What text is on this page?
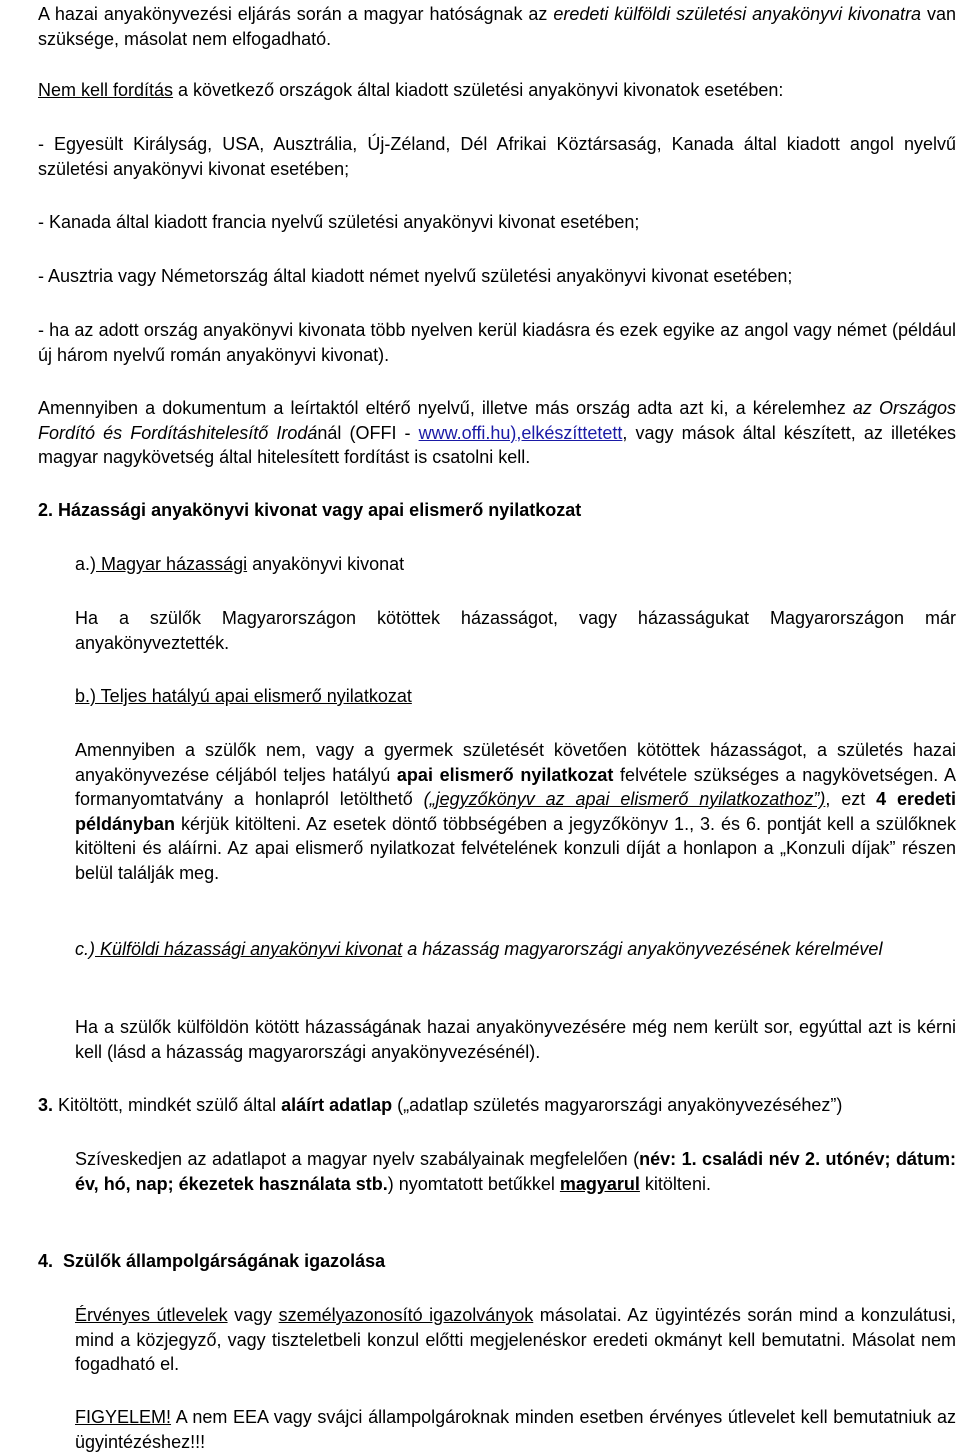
A hazai anyakönyvezési eljárás során a magyar hatóságnak az eredeti külföldi születési anyakönyvi kivonatra van szüksége, másolat nem elfogadható.

Nem kell fordítás a következő országok által kiadott születési anyakönyvi kivonatok esetében:

- Egyesült Királyság, USA, Ausztrália, Új-Zéland, Dél Afrikai Köztársaság, Kanada által kiadott angol nyelvű születési anyakönyvi kivonat esetében;

- Kanada által kiadott francia nyelvű születési anyakönyvi kivonat esetében;

- Ausztria vagy Németország által kiadott német nyelvű születési anyakönyvi kivonat esetében;

- ha az adott ország anyakönyvi kivonata több nyelven kerül kiadásra és ezek egyike az angol vagy német (például új három nyelvű román anyakönyvi kivonat).

Amennyiben a dokumentum a leírtaktól eltérő nyelvű, illetve más ország adta azt ki, a kérelemhez az Országos Fordító és Fordításhitelesítő Irodánál (OFFI - www.offi.hu),elkészíttetett, vagy mások által készített, az illetékes magyar nagykövetség által hitelesített fordítást is csatolni kell.

2. Házassági anyakönyvi kivonat vagy apai elismerő nyilatkozat

a.) Magyar házassági anyakönyvi kivonat

Ha a szülők Magyarországon kötöttek házasságot, vagy házasságukat Magyarországon már anyakönyveztették.

b.) Teljes hatályú apai elismerő nyilatkozat

Amennyiben a szülők nem, vagy a gyermek születését követően kötöttek házasságot, a születés hazai anyakönyvezése céljából teljes hatályú apai elismerő nyilatkozat felvétele szükséges a nagykövetségen. A formanyomtatvány a honlapról letölthető („jegyzőkönyv az apai elismerő nyilatkozathoz”), ezt 4 eredeti példányban kérjük kitölteni. Az esetek döntő többségében a jegyzőkönyv 1., 3. és 6. pontját kell a szülőknek kitölteni és aláírni. Az apai elismerő nyilatkozat felvételének konzuli díját a honlapon a „Konzuli díjak” részen belül találják meg.

c.) Külföldi házassági anyakönyvi kivonat a házasság magyarországi anyakönyvezésének kérelmével

Ha a szülők külföldön kötött házasságának hazai anyakönyvezésére még nem került sor, egyúttal azt is kérni kell (lásd a házasság magyarországi anyakönyvezésénél).

3. Kitöltött, mindkét szülő által aláírt adatlap („adatlap születés magyarországi anyakönyvezéséhez”)

Szíveskedjen az adatlapot a magyar nyelv szabályainak megfelelően (név: 1. családi név 2. utónév; dátum: év, hó, nap; ékezetek használata stb.) nyomtatott betűkkel magyarul kitölteni.

4.  Szülők állampolgárságának igazolása

Érvényes útlevelek vagy személyazonosító igazolványok másolatai. Az ügyintézés során mind a konzulátusi, mind a közjegyző, vagy tiszteletbeli konzul előtti megjelenéskor eredeti okmányt kell bemutatni. Másolat nem fogadható el.

FIGYELEM! A nem EEA vagy svájci állampolgároknak minden esetben érvényes útlevelet kell bemutatniuk az ügyintézéshez!!!
